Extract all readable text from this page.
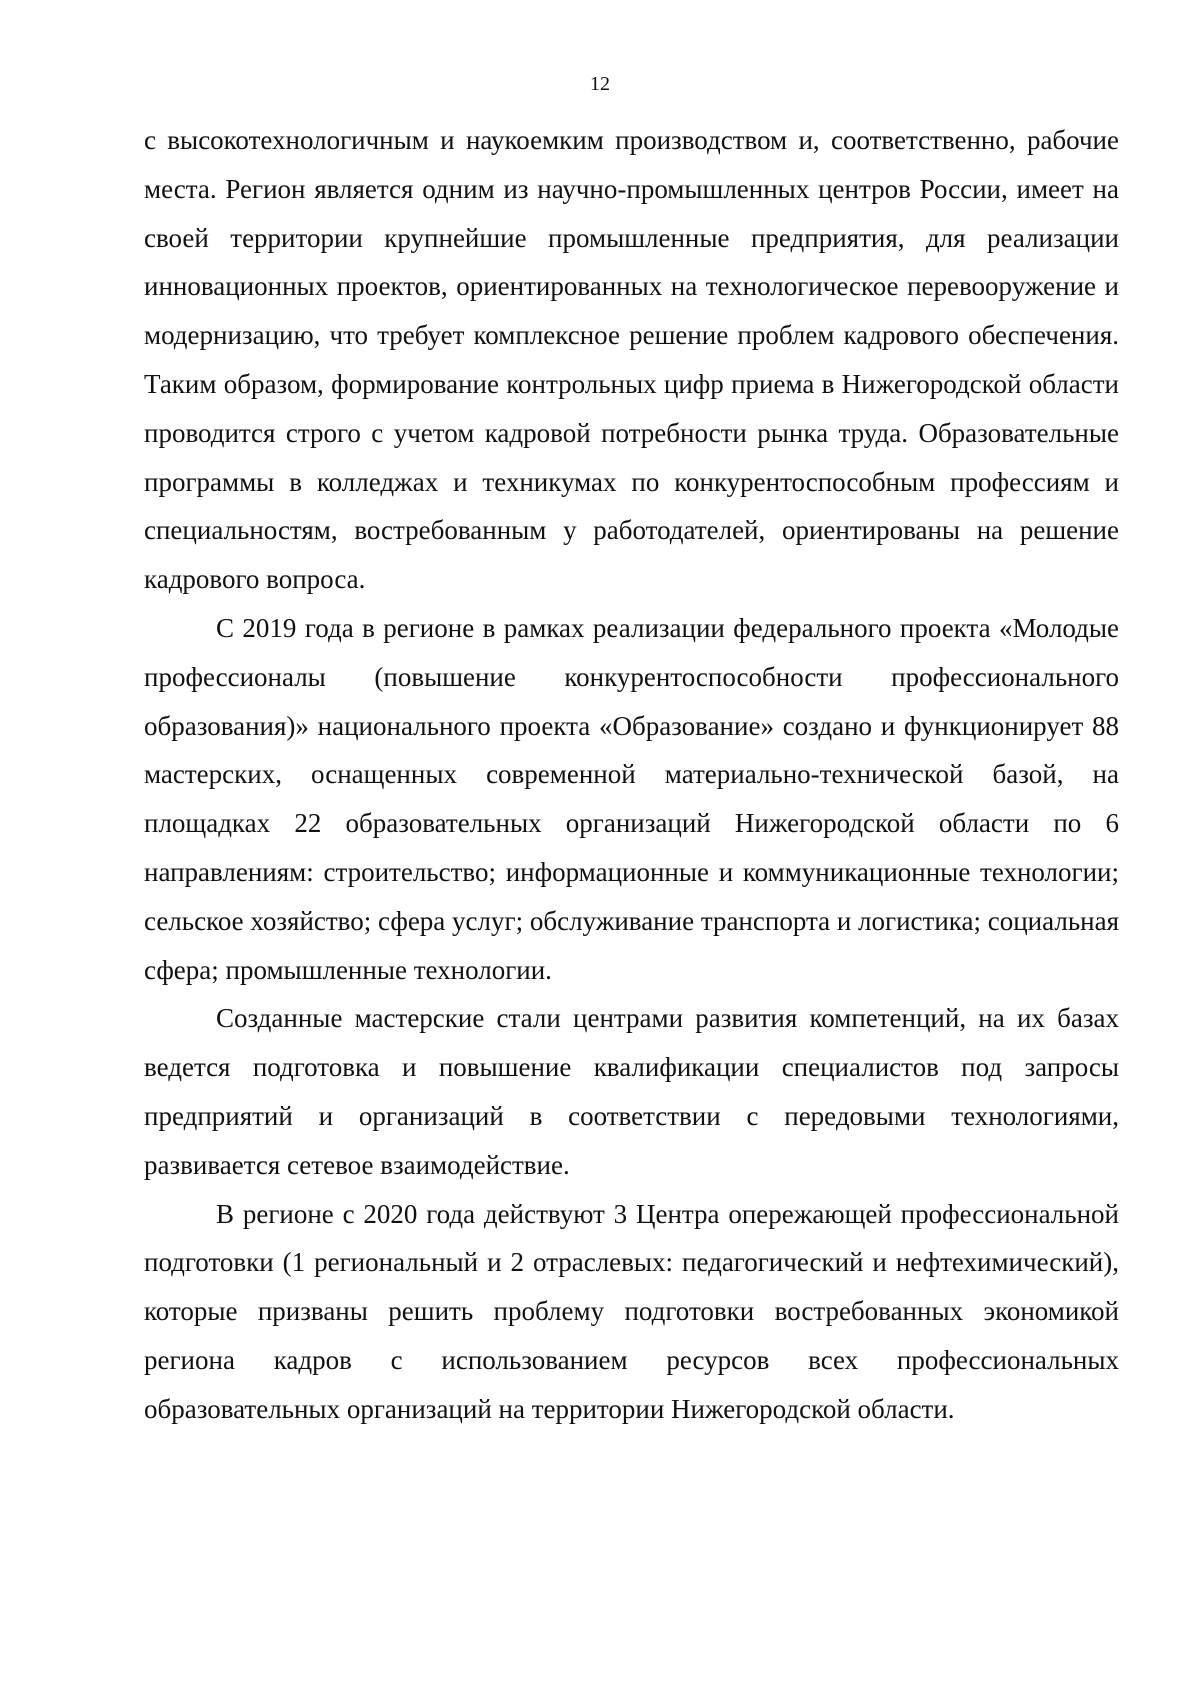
12

с высокотехнологичным и наукоемким производством и, соответственно, рабочие места. Регион является одним из научно-промышленных центров России, имеет на своей территории крупнейшие промышленные предприятия, для реализации инновационных проектов, ориентированных на технологическое перевооружение и модернизацию, что требует комплексное решение проблем кадрового обеспечения. Таким образом, формирование контрольных цифр приема в Нижегородской области проводится строго с учетом кадровой потребности рынка труда. Образовательные программы в колледжах и техникумах по конкурентоспособным профессиям и специальностям, востребованным у работодателей, ориентированы на решение кадрового вопроса.

С 2019 года в регионе в рамках реализации федерального проекта «Молодые профессионалы (повышение конкурентоспособности профессионального образования)» национального проекта «Образование» создано и функционирует 88 мастерских, оснащенных современной материально-технической базой, на площадках 22 образовательных организаций Нижегородской области по 6 направлениям: строительство; информационные и коммуникационные технологии; сельское хозяйство; сфера услуг; обслуживание транспорта и логистика; социальная сфера; промышленные технологии.

Созданные мастерские стали центрами развития компетенций, на их базах ведется подготовка и повышение квалификации специалистов под запросы предприятий и организаций в соответствии с передовыми технологиями, развивается сетевое взаимодействие.

В регионе с 2020 года действуют 3 Центра опережающей профессиональной подготовки (1 региональный и 2 отраслевых: педагогический и нефтехимический), которые призваны решить проблему подготовки востребованных экономикой региона кадров с использованием ресурсов всех профессиональных образовательных организаций на территории Нижегородской области.
